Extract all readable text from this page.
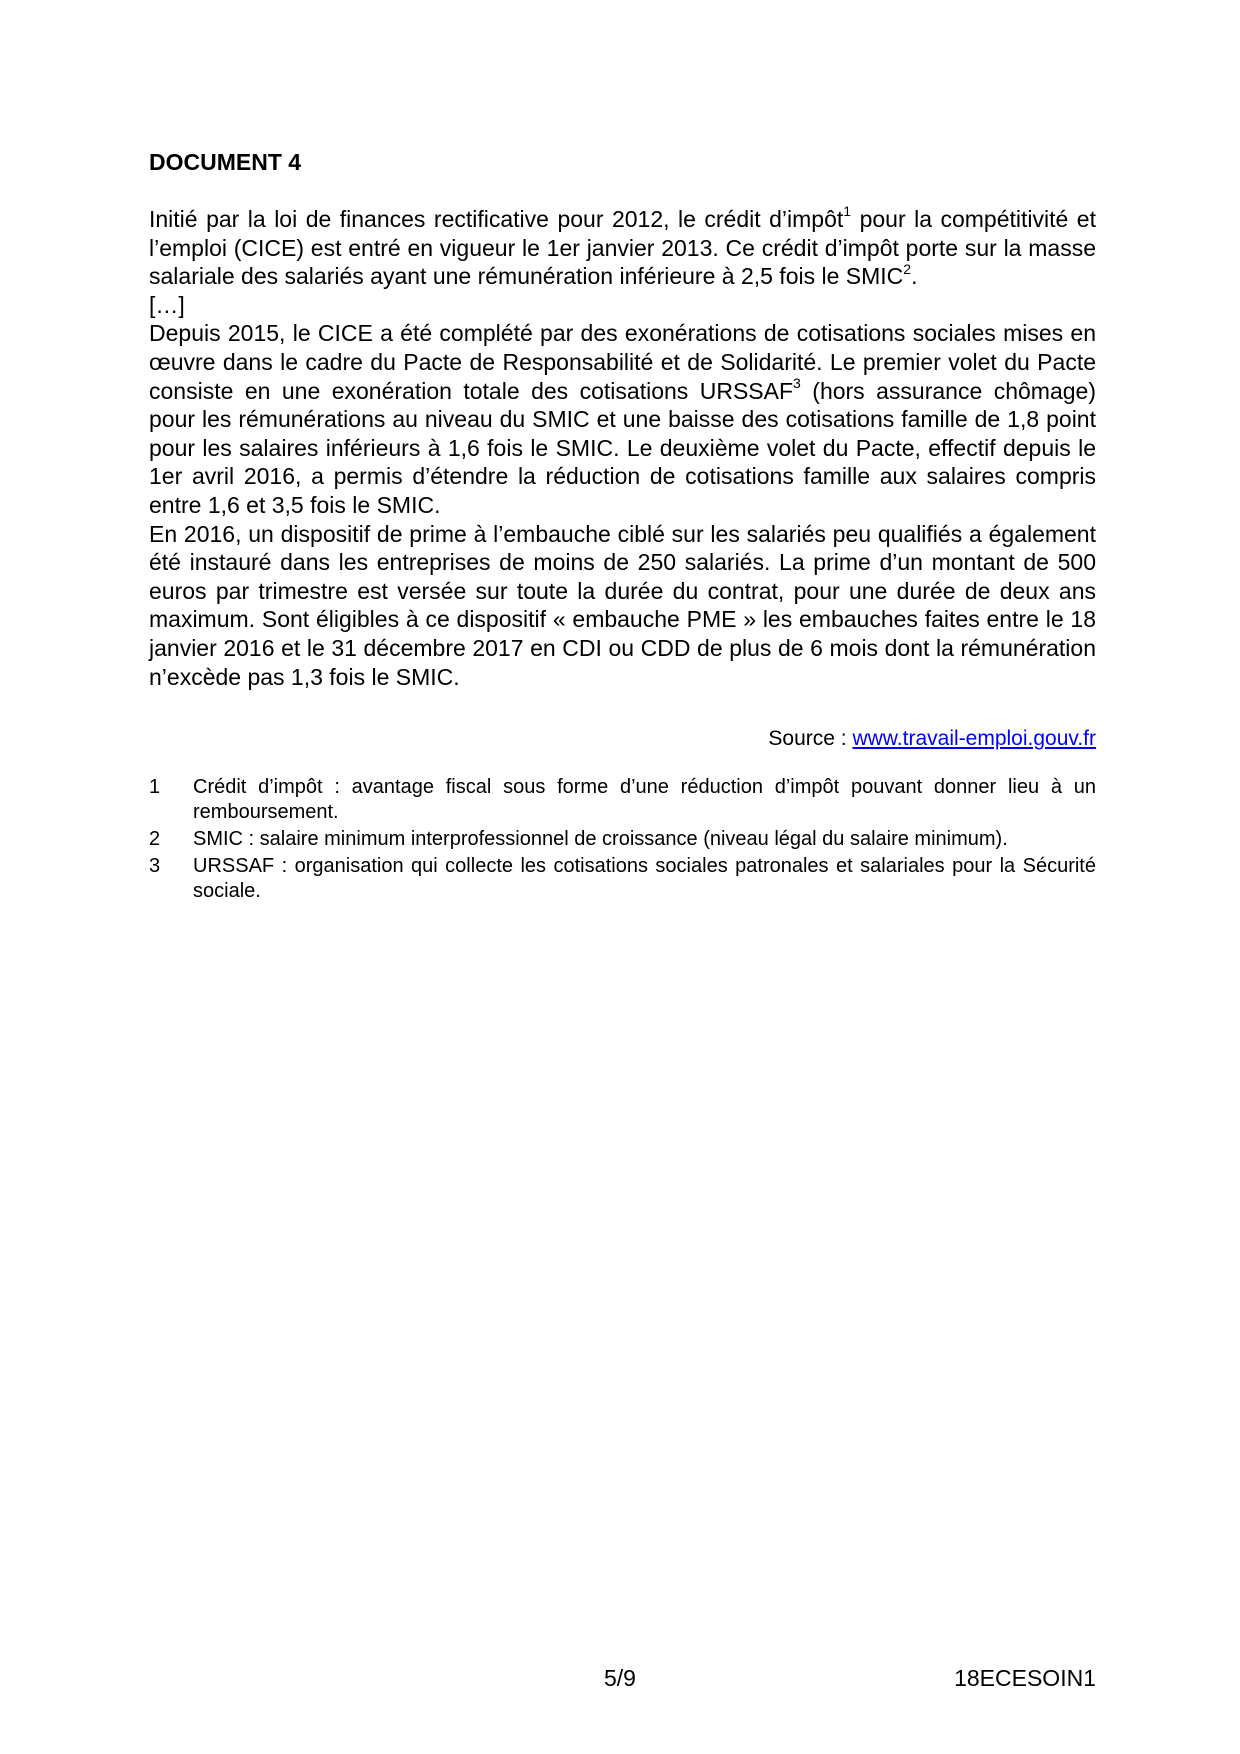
DOCUMENT 4

Initié par la loi de finances rectificative pour 2012, le crédit d’impôt$^1$ pour la compétitivité et l’emploi (CICE) est entré en vigueur le 1er janvier 2013. Ce crédit d’impôt porte sur la masse salariale des salariés ayant une rémunération inférieure à 2,5 fois le SMIC$^2$.

[…]

Depuis 2015, le CICE a été complété par des exonérations de cotisations sociales mises en œuvre dans le cadre du Pacte de Responsabilité et de Solidarité. Le premier volet du Pacte consiste en une exonération totale des cotisations URSSAF$^3$ (hors assurance chômage) pour les rémunérations au niveau du SMIC et une baisse des cotisations famille de 1,8 point pour les salaires inférieurs à 1,6 fois le SMIC. Le deuxième volet du Pacte, effectif depuis le 1er avril 2016, a permis d’étendre la réduction de cotisations famille aux salaires compris entre 1,6 et 3,5 fois le SMIC.

En 2016, un dispositif de prime à l’embauche ciblé sur les salariés peu qualifiés a également été instauré dans les entreprises de moins de 250 salariés. La prime d’un montant de 500 euros par trimestre est versée sur toute la durée du contrat, pour une durée de deux ans maximum. Sont éligibles à ce dispositif « embauche PME » les embauches faites entre le 18 janvier 2016 et le 31 décembre 2017 en CDI ou CDD de plus de 6 mois dont la rémunération n’excède pas 1,3 fois le SMIC.

Source : www.travail-emploi.gouv.fr
1	Crédit d’impôt : avantage fiscal sous forme d’une réduction d’impôt pouvant donner lieu à un remboursement.
2	SMIC : salaire minimum interprofessionnel de croissance (niveau légal du salaire minimum).
3	URSSAF : organisation qui collecte les cotisations sociales patronales et salariales pour la Sécurité sociale.
5/9	18ECESOIN1
